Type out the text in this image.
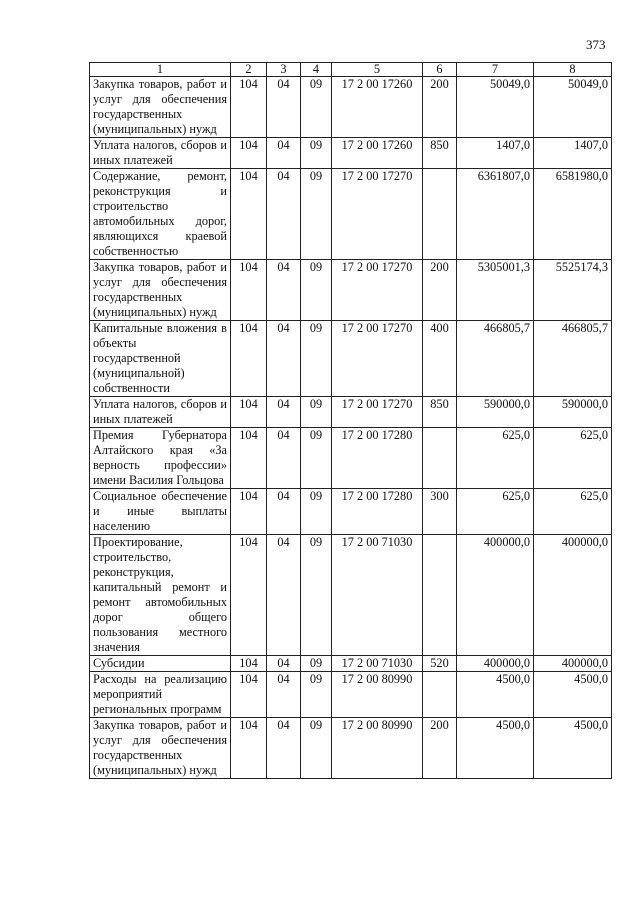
373
1	2	3	4	5	6	7	8
Закупка товаров, работ и услуг для обеспечения государственных (муниципальных) нужд	104	04	09	17 2 00 17260	200	50049,0	50049,0
Уплата налогов, сборов и иных платежей	104	04	09	17 2 00 17260	850	1407,0	1407,0
Содержание, ремонт, реконструкция и строительство автомобильных дорог, являющихся краевой собственностью	104	04	09	17 2 00 17270		6361807,0	6581980,0
Закупка товаров, работ и услуг для обеспечения государственных (муниципальных) нужд	104	04	09	17 2 00 17270	200	5305001,3	5525174,3
Капитальные вложения в объекты государственной (муниципальной) собственности	104	04	09	17 2 00 17270	400	466805,7	466805,7
Уплата налогов, сборов и иных платежей	104	04	09	17 2 00 17270	850	590000,0	590000,0
Премия Губернатора Алтайского края «За верность профессии» имени Василия Гольцова	104	04	09	17 2 00 17280		625,0	625,0
Социальное обеспечение и иные выплаты населению	104	04	09	17 2 00 17280	300	625,0	625,0
Проектирование, строительство, реконструкция, капитальный ремонт и ремонт автомобильных дорог общего пользования местного значения	104	04	09	17 2 00 71030		400000,0	400000,0
Субсидии	104	04	09	17 2 00 71030	520	400000,0	400000,0
Расходы на реализацию мероприятий региональных программ	104	04	09	17 2 00 80990		4500,0	4500,0
Закупка товаров, работ и услуг для обеспечения государственных (муниципальных) нужд	104	04	09	17 2 00 80990	200	4500,0	4500,0
